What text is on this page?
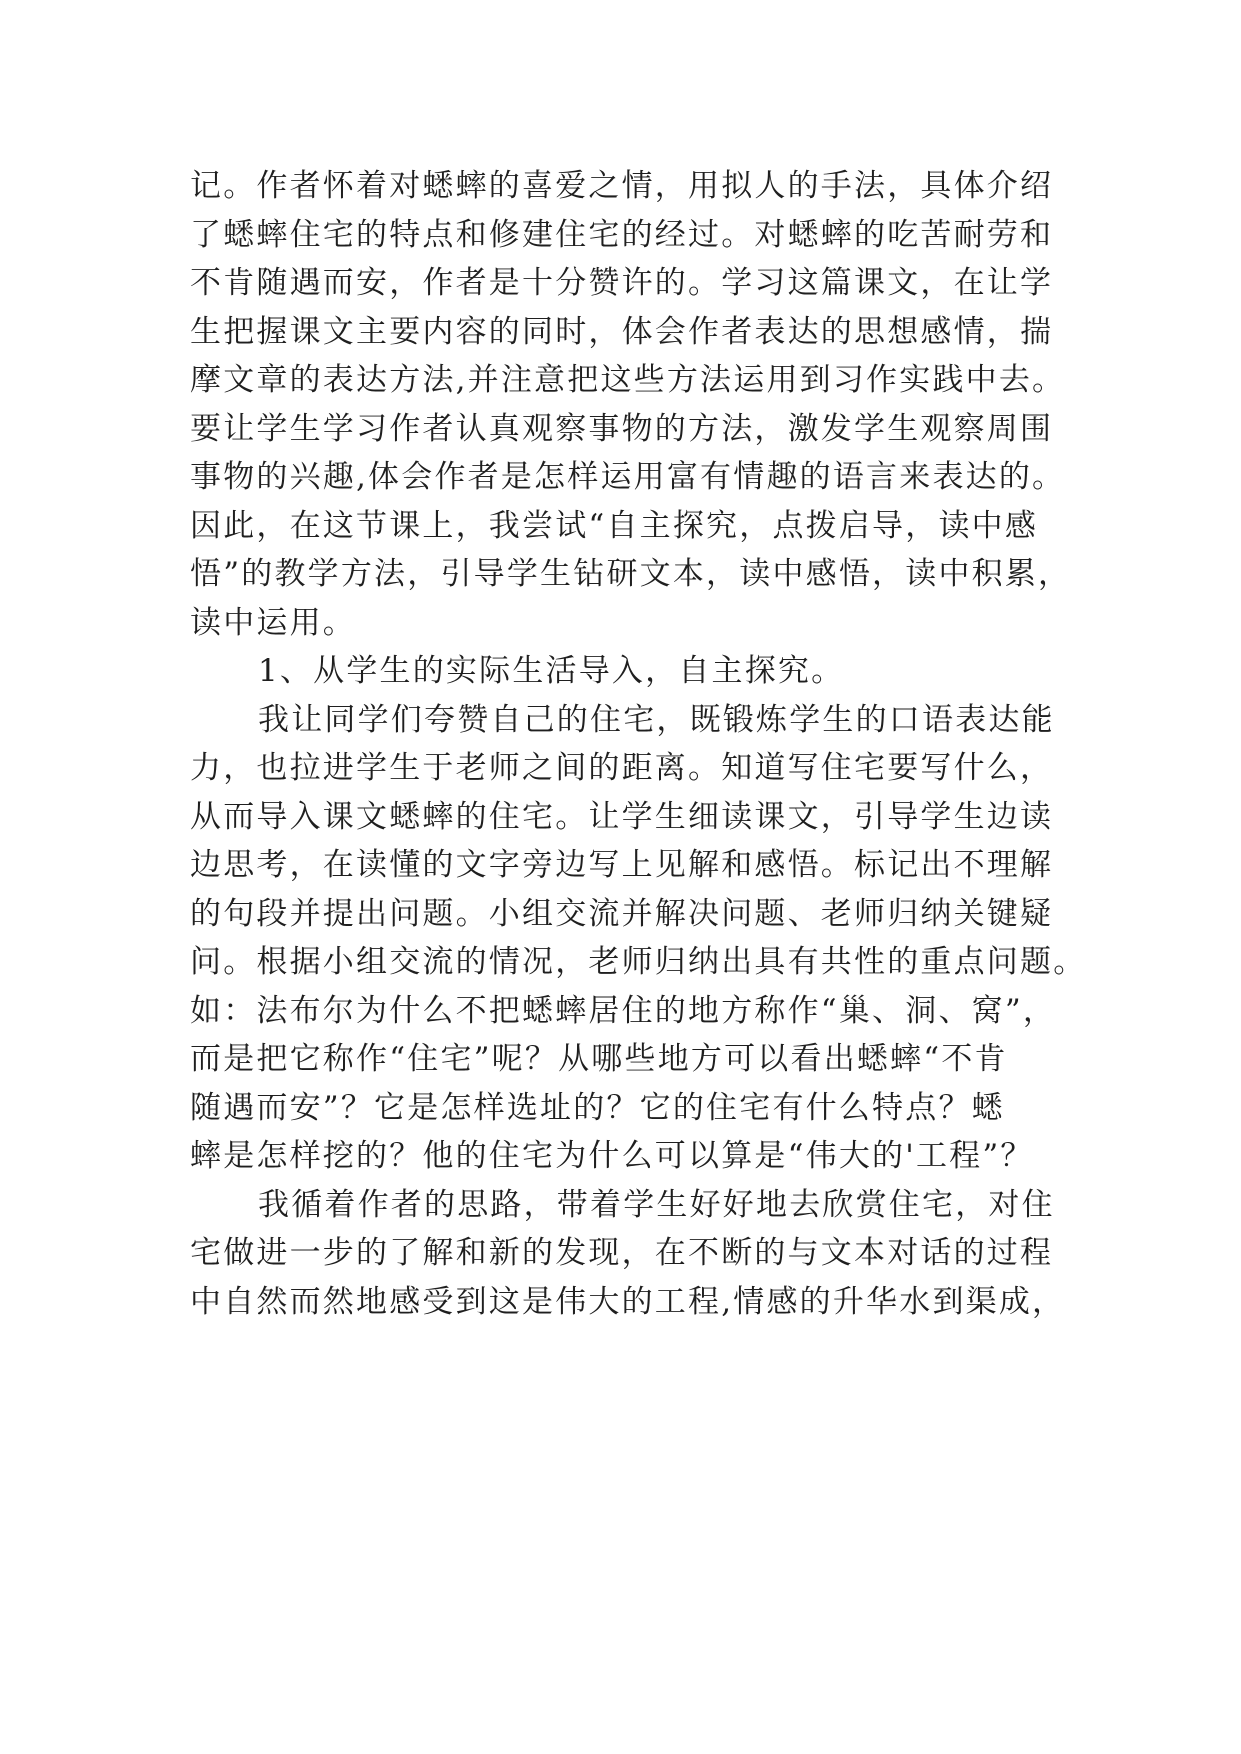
记。作者怀着对蟋蟀的喜爱之情，用拟人的手法，具体介绍
了蟋蟀住宅的特点和修建住宅的经过。对蟋蟀的吃苦耐劳和
不肯随遇而安，作者是十分赞许的。学习这篇课文，在让学
生把握课文主要内容的同时，体会作者表达的思想感情，揣
摩文章的表达方法,并注意把这些方法运用到习作实践中去。
要让学生学习作者认真观察事物的方法，激发学生观察周围
事物的兴趣,体会作者是怎样运用富有情趣的语言来表达的。
因此，在这节课上，我尝试“自主探究，点拨启导，读中感
悟”的教学方法，引导学生钻研文本，读中感悟，读中积累，
读中运用。
1、从学生的实际生活导入，自主探究。
我让同学们夸赞自己的住宅，既锻炼学生的口语表达能
力，也拉进学生于老师之间的距离。知道写住宅要写什么，
从而导入课文蟋蟀的住宅。让学生细读课文，引导学生边读
边思考，在读懂的文字旁边写上见解和感悟。标记出不理解
的句段并提出问题。小组交流并解决问题、老师归纳关键疑
问。根据小组交流的情况，老师归纳出具有共性的重点问题。
如：法布尔为什么不把蟋蟀居住的地方称作“巢、洞、窝”，
而是把它称作“住宅”呢？从哪些地方可以看出蟋蟀“不肯
随遇而安”？它是怎样选址的？它的住宅有什么特点？蟋
蟀是怎样挖的？他的住宅为什么可以算是“伟大的'工程”？
我循着作者的思路，带着学生好好地去欣赏住宅，对住
宅做进一步的了解和新的发现，在不断的与文本对话的过程
中自然而然地感受到这是伟大的工程,情感的升华水到渠成，
